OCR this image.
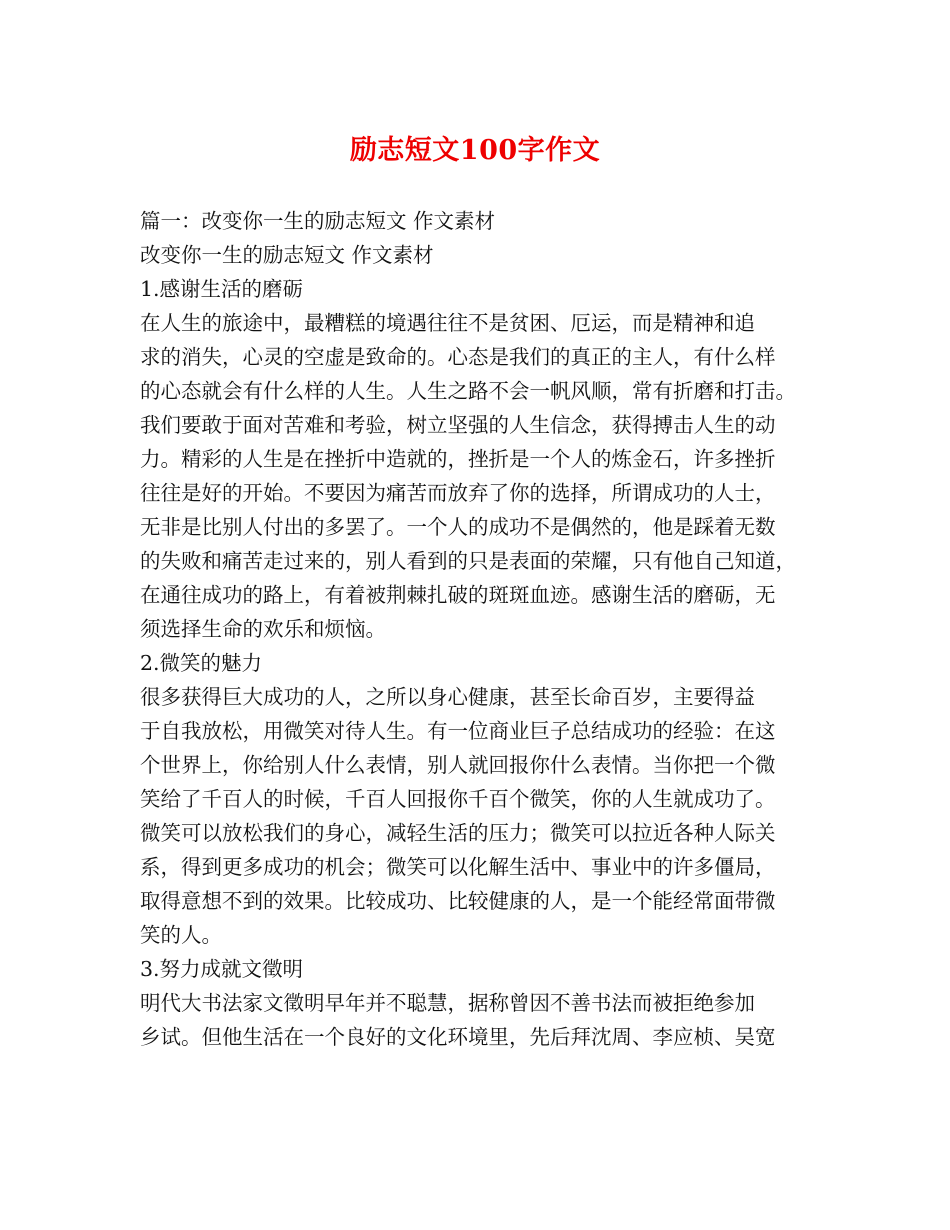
励志短文100字作文
篇一：改变你一生的励志短文 作文素材
改变你一生的励志短文 作文素材
1.感谢生活的磨砺
在人生的旅途中，最糟糕的境遇往往不是贫困、厄运，而是精神和追
求的消失，心灵的空虚是致命的。心态是我们的真正的主人，有什么样
的心态就会有什么样的人生。人生之路不会一帆风顺，常有折磨和打击。
我们要敢于面对苦难和考验，树立坚强的人生信念，获得搏击人生的动
力。精彩的人生是在挫折中造就的，挫折是一个人的炼金石，许多挫折
往往是好的开始。不要因为痛苦而放弃了你的选择，所谓成功的人士，
无非是比别人付出的多罢了。一个人的成功不是偶然的，他是踩着无数
的失败和痛苦走过来的，别人看到的只是表面的荣耀，只有他自己知道，
在通往成功的路上，有着被荆棘扎破的斑斑血迹。感谢生活的磨砺，无
须选择生命的欢乐和烦恼。
2.微笑的魅力
很多获得巨大成功的人，之所以身心健康，甚至长命百岁，主要得益
于自我放松，用微笑对待人生。有一位商业巨子总结成功的经验：在这
个世界上，你给别人什么表情，别人就回报你什么表情。当你把一个微
笑给了千百人的时候，千百人回报你千百个微笑，你的人生就成功了。
微笑可以放松我们的身心，减轻生活的压力；微笑可以拉近各种人际关
系，得到更多成功的机会；微笑可以化解生活中、事业中的许多僵局，
取得意想不到的效果。比较成功、比较健康的人，是一个能经常面带微
笑的人。
3.努力成就文徵明
明代大书法家文徵明早年并不聪慧，据称曾因不善书法而被拒绝参加
乡试。但他生活在一个良好的文化环境里，先后拜沈周、李应桢、吴宽
